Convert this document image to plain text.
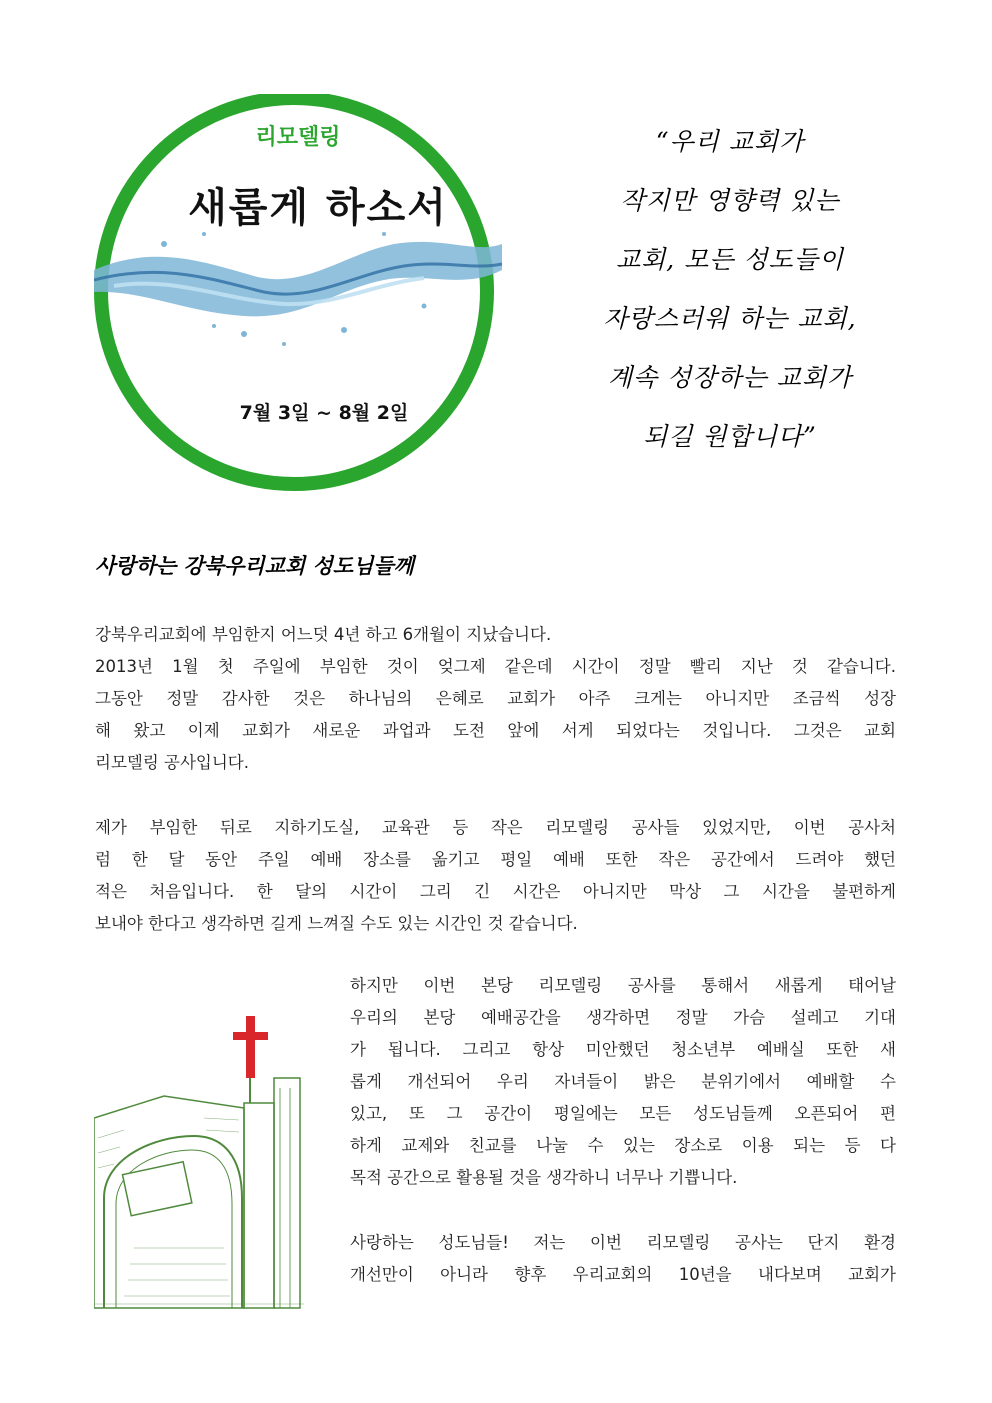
리모델링
새롭게 하소서
7월 3일 ~ 8월 2일
“우리 교회가
작지만 영향력 있는
교회, 모든 성도들이
자랑스러워 하는 교회,
계속 성장하는 교회가
되길 원합니다”
사랑하는 강북우리교회 성도님들께
강북우리교회에 부임한지 어느덧 4년 하고 6개월이 지났습니다.
2013년 1월 첫 주일에 부임한 것이 엊그제 같은데 시간이 정말 빨리 지난 것 같습니다.
그동안 정말 감사한 것은 하나님의 은혜로 교회가 아주 크게는 아니지만 조금씩 성장
해 왔고 이제 교회가 새로운 과업과 도전 앞에 서게 되었다는 것입니다. 그것은 교회
리모델링 공사입니다.
제가 부임한 뒤로 지하기도실, 교육관 등 작은 리모델링 공사들 있었지만, 이번 공사처
럼 한 달 동안 주일 예배 장소를 옮기고 평일 예배 또한 작은 공간에서 드려야 했던
적은 처음입니다. 한 달의 시간이 그리 긴 시간은 아니지만 막상 그 시간을 불편하게
보내야 한다고 생각하면 길게 느껴질 수도 있는 시간인 것 같습니다.
하지만 이번 본당 리모델링 공사를 통해서 새롭게 태어날
우리의 본당 예배공간을 생각하면 정말 가슴 설레고 기대
가 됩니다. 그리고 항상 미안했던 청소년부 예배실 또한 새
롭게 개선되어 우리 자녀들이 밝은 분위기에서 예배할 수
있고, 또 그 공간이 평일에는 모든 성도님들께 오픈되어 편
하게 교제와 친교를 나눌 수 있는 장소로 이용 되는 등 다
목적 공간으로 활용될 것을 생각하니 너무나 기쁩니다.
사랑하는 성도님들! 저는 이번 리모델링 공사는 단지 환경
개선만이 아니라 향후 우리교회의 10년을 내다보며 교회가
